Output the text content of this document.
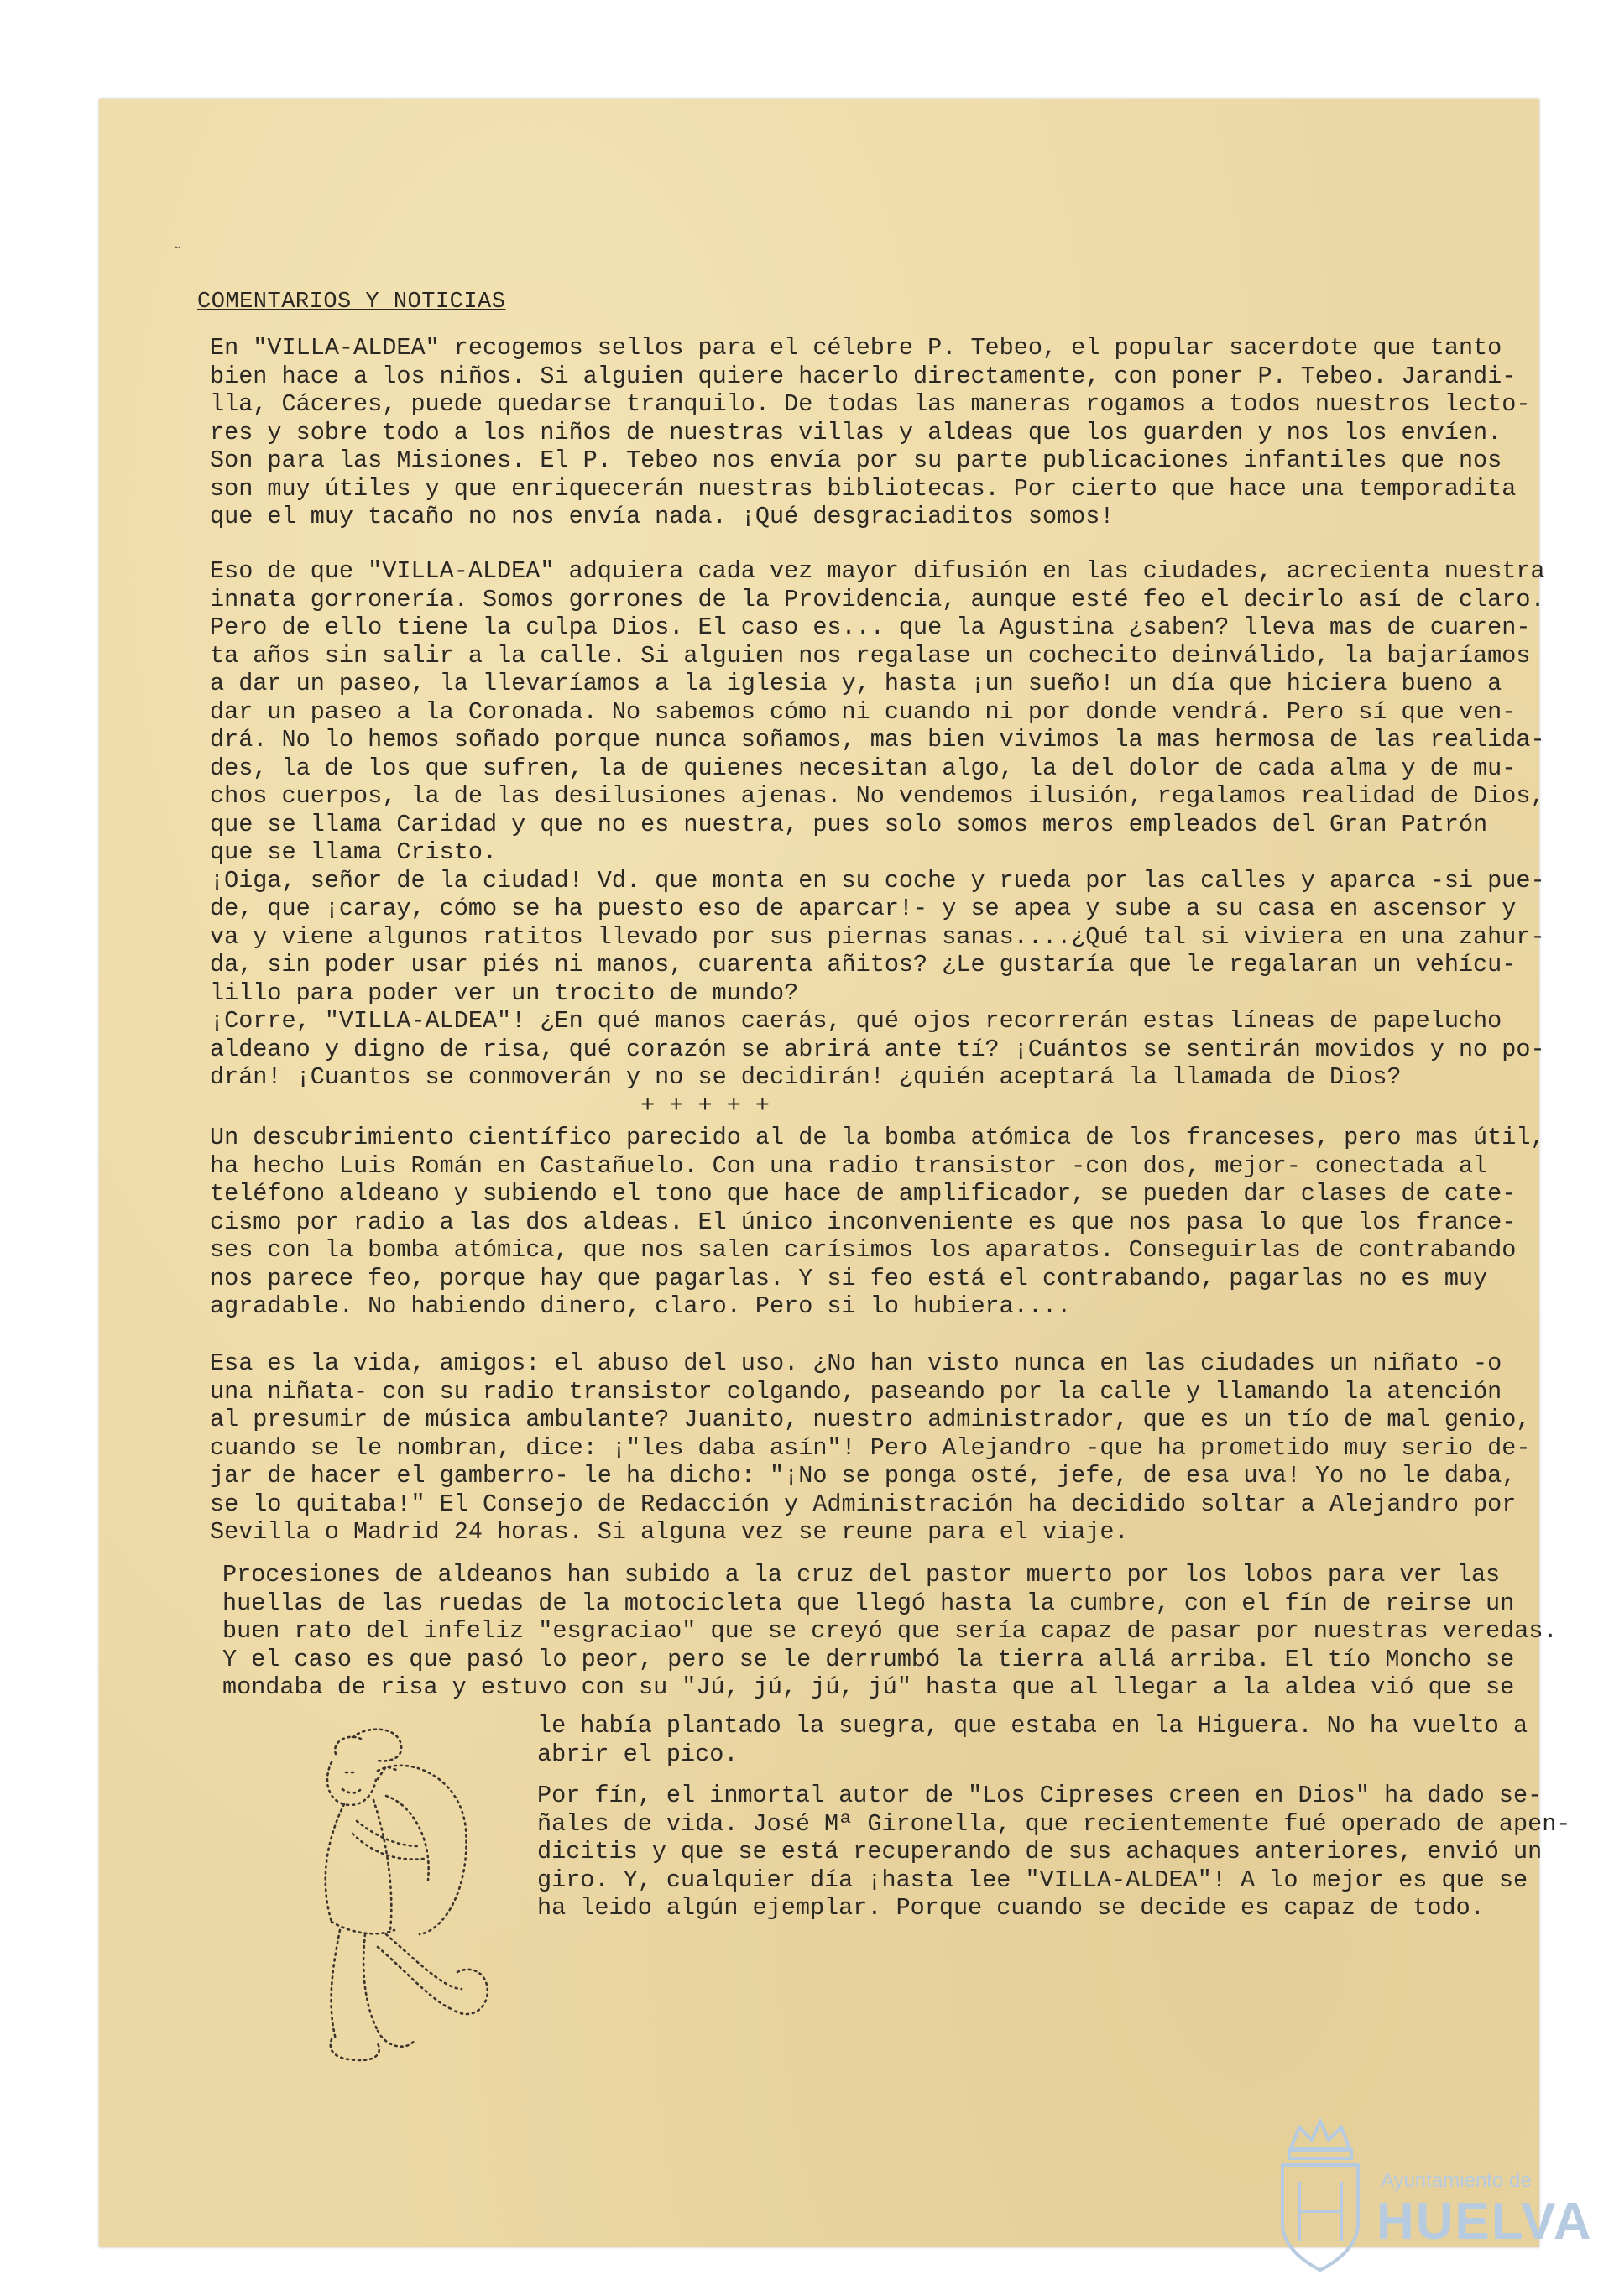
˜
COMENTARIOS Y NOTICIAS

En "VILLA-ALDEA" recogemos sellos para el célebre P. Tebeo, el popular sacerdote que tanto
bien hace a los niños. Si alguien quiere hacerlo directamente, con poner P. Tebeo. Jarandi-
lla, Cáceres, puede quedarse tranquilo. De todas las maneras rogamos a todos nuestros lecto-
res y sobre todo a los niños de nuestras villas y aldeas que los guarden y nos los envíen.
Son para las Misiones. El P. Tebeo nos envía por su parte publicaciones infantiles que nos
son muy útiles y que enriquecerán nuestras bibliotecas. Por cierto que hace una temporadita
que el muy tacaño no nos envía nada. ¡Qué desgraciaditos somos!

Eso de que "VILLA-ALDEA" adquiera cada vez mayor difusión en las ciudades, acrecienta nuestra
innata gorronería. Somos gorrones de la Providencia, aunque esté feo el decirlo así de claro.
Pero de ello tiene la culpa Dios. El caso es... que la Agustina ¿saben? lleva mas de cuaren-
ta años sin salir a la calle. Si alguien nos regalase un cochecito deinválido, la bajaríamos
a dar un paseo, la llevaríamos a la iglesia y, hasta ¡un sueño! un día que hiciera bueno a
dar un paseo a la Coronada. No sabemos cómo ni cuando ni por donde vendrá. Pero sí que ven-
drá. No lo hemos soñado porque nunca soñamos, mas bien vivimos la mas hermosa de las realida-
des, la de los que sufren, la de quienes necesitan algo, la del dolor de cada alma y de mu-
chos cuerpos, la de las desilusiones ajenas. No vendemos ilusión, regalamos realidad de
que se llama Caridad y que no es nuestra, pues solo somos meros empleados del Gran Patrón
que se llama Cristo.
¡Oiga, señor de la ciudad! Vd. que monta en su coche y rueda por las calles y aparca -si
de, que ¡caray, cómo se ha puesto eso de aparcar!- y se apea y sube a su casa en ascensor
va y viene algunos ratitos llevado por sus piernas sanas....¿Qué tal si viviera en una zahur-
da, sin poder usar piés ni manos, cuarenta añitos? ¿Le gustaría que le regalaran un vehícu-
lillo para poder ver un trocito de mundo?
¡Corre, "VILLA-ALDEA"! ¿En qué manos caerás, qué ojos recorrerán estas líneas de papelucho
aldeano y digno de risa, qué corazón se abrirá ante tí? ¡Cuántos se sentirán movidos y no
drán! ¡Cuantos se conmoverán y no se decidirán! ¿quién aceptará la llamada de Dios?
+ + + + +

Un descubrimiento científico parecido al de la bomba atómica de los franceses, pero mas
ha hecho Luis Román en Castañuelo. Con una radio transistor -con dos, mejor- conectada al
teléfono aldeano y subiendo el tono que hace de amplificador, se pueden dar clases de cate-
cismo por radio a las dos aldeas. El único inconveniente es que nos pasa lo que los france-
ses con la bomba atómica, que nos salen carísimos los aparatos. Conseguirlas de contrabando
nos parece feo, porque hay que pagarlas. Y si feo está el contrabando, pagarlas no es muy
agradable. No habiendo dinero, claro. Pero si lo hubiera....

Esa es la vida, amigos: el abuso del uso. ¿No han visto nunca en las ciudades un niñato -o
una niñata- con su radio transistor colgando, paseando por la calle y llamando la atención
al presumir de música ambulante? Juanito, nuestro administrador, que es un tío de mal genio,
cuando se le nombran, dice: ¡"les daba asín"! Pero Alejandro -que ha prometido muy serio
jar de hacer el gamberro- le ha dicho: "¡No se ponga osté, jefe, de esa uva! Yo no le daba,
se lo quitaba!" El Consejo de Redacción y Administración ha decidido soltar a Alejandro por
Sevilla o Madrid 24 horas. Si alguna vez se reune para el viaje.

Procesiones de aldeanos han subido a la cruz del pastor muerto por los lobos para ver las
huellas de las ruedas de la motocicleta que llegó hasta la cumbre, con el fín de reirse un
buen rato del infeliz "esgraciao" que se creyó que sería capaz de pasar por nuestras veredas.
Y el caso es que pasó lo peor, pero se le derrumbó la tierra allá arriba. El tío Moncho se
mondaba de risa y estuvo con su "Jú, jú, jú, jú" hasta que al llegar a la aldea vió que se

le había plantado la suegra, que estaba en la Higuera. No ha vuelto a
abrir el pico.

Por fín, el inmortal autor de "Los Cipreses creen en Dios" ha dado se-
ñales de vida. José Mª Gironella, que recientemente fué operado de apen-
dicitis y que se está recuperando de sus achaques anteriores, envió un
giro. Y, cualquier día ¡hasta lee "VILLA-ALDEA"! A lo mejor es que se
ha leido algún ejemplar. Porque cuando se decide es capaz de todo.

Ayuntamiento de
HUELVA
